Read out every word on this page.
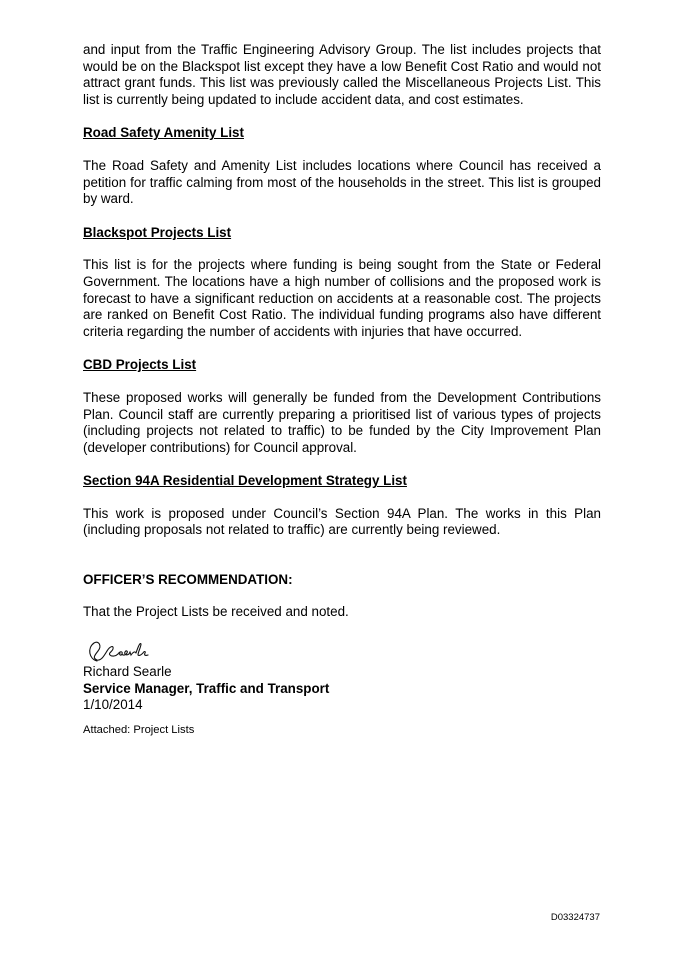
and input from the Traffic Engineering Advisory Group. The list includes projects that would be on the Blackspot list except they have a low Benefit Cost Ratio and would not attract grant funds. This list was previously called the Miscellaneous Projects List. This list is currently being updated to include accident data, and cost estimates.

Road Safety Amenity List

The Road Safety and Amenity List includes locations where Council has received a petition for traffic calming from most of the households in the street. This list is grouped by ward.

Blackspot Projects List

This list is for the projects where funding is being sought from the State or Federal Government. The locations have a high number of collisions and the proposed work is forecast to have a significant reduction on accidents at a reasonable cost. The projects are ranked on Benefit Cost Ratio. The individual funding programs also have different criteria regarding the number of accidents with injuries that have occurred.

CBD Projects List

These proposed works will generally be funded from the Development Contributions Plan. Council staff are currently preparing a prioritised list of various types of projects (including projects not related to traffic) to be funded by the City Improvement Plan (developer contributions) for Council approval.

Section 94A Residential Development Strategy List

This work is proposed under Council’s Section 94A Plan. The works in this Plan (including proposals not related to traffic) are currently being reviewed.

OFFICER’S RECOMMENDATION:

That the Project Lists be received and noted.

Richard Searle

Service Manager, Traffic and Transport

1/10/2014

Attached: Project Lists

D03324737
